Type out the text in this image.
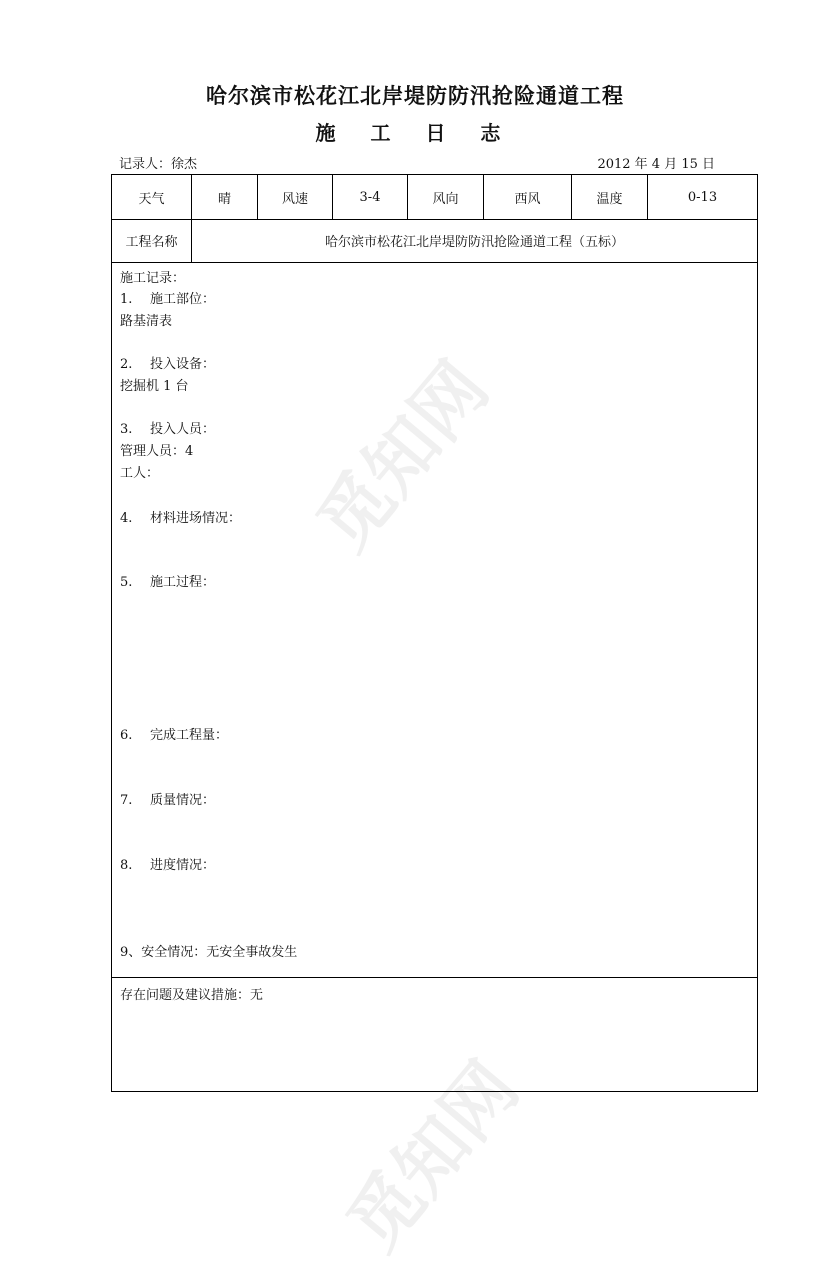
哈尔滨市松花江北岸堤防防汛抢险通道工程
施 工 日 志
记录人：徐杰	2012 年 4 月 15 日
天气	晴	风速	3-4	风向	西风	温度	0-13
工程名称	哈尔滨市松花江北岸堤防防汛抢险通道工程（五标）
施工记录：
1. 施工部位：
路基清表
2. 投入设备：
挖掘机 1 台
3. 投入人员：
管理人员：4
工人：
4. 材料进场情况：
5. 施工过程：
6. 完成工程量：
7. 质量情况：
8. 进度情况：
9、安全情况：无安全事故发生
存在问题及建议措施：无
觅知网
觅知网
